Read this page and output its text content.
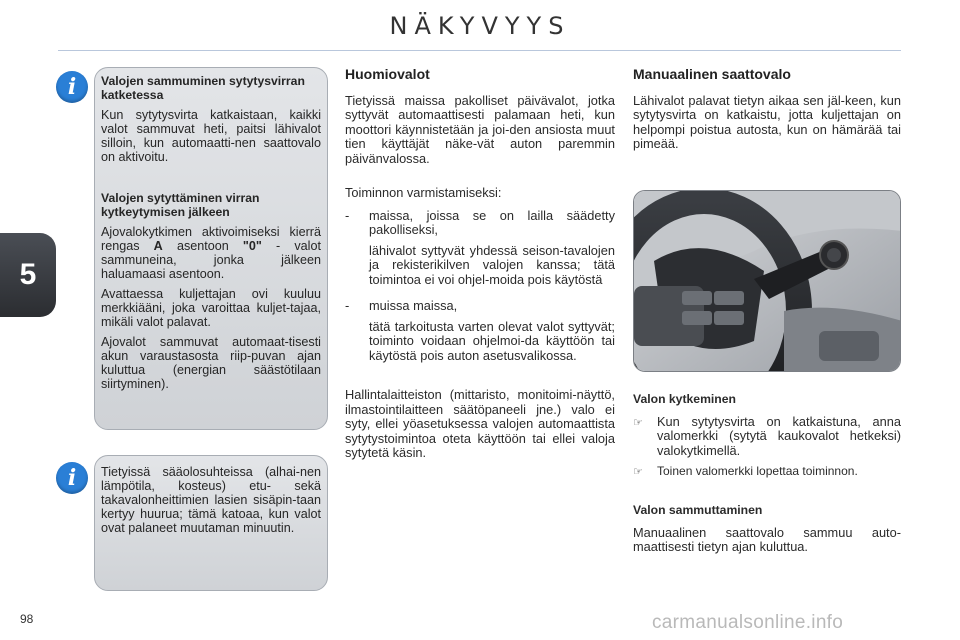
NÄKYVYYS
5
i	Valojen sammuminen sytytysvirran katketessa

Kun sytytysvirta katkaistaan, kaikki valot sammuvat heti, paitsi lähivalot silloin, kun automaatti-nen saattovalo on aktivoitu.

Valojen sytyttäminen virran kytkeytymisen jälkeen

Ajovalokytkimen aktivoimiseksi kierrä rengas A asentoon "0" - valot sammuneina, jonka jälkeen haluamaasi asentoon.

Avattaessa kuljettajan ovi kuuluu merkkiääni, joka varoittaa kuljet-tajaa, mikäli valot palavat.

Ajovalot sammuvat automaat-tisesti akun varaustasosta riip-puvan ajan kuluttua (energian säästötilaan siirtyminen).

i	Tietyissä sääolosuhteissa (alhai-nen lämpötila, kosteus) etu- sekä takavalonheittimien lasien sisäpin-taan kertyy huurua; tämä katoaa, kun valot ovat palaneet muutaman minuutin.

Huomiovalot

Tietyissä maissa pakolliset päivävalot, jotka syttyvät automaattisesti palamaan heti, kun moottori käynnistetään ja joi-den ansiosta muut tien käyttäjät näke-vät auton paremmin päivänvalossa.

Toiminnon varmistamiseksi:

-	maissa, joissa se on lailla säädetty pakolliseksi,

lähivalot syttyvät yhdessä seison-tavalojen ja rekisterikilven valojen kanssa; tätä toimintoa ei voi ohjel-moida pois käytöstä

-	muissa maissa,

tätä tarkoitusta varten olevat valot syttyvät; toiminto voidaan ohjelmoi-da käyttöön tai käytöstä pois auton asetusvalikossa.

Hallintalaitteiston (mittaristo, monitoimi-näyttö, ilmastointilaitteen säätöpaneeli jne.) valo ei syty, ellei yöasetuksessa valojen automaattista sytytystoimintoa oteta käyttöön tai ellei valoja sytytetä käsin.

Manuaalinen saattovalo

Lähivalot palavat tietyn aikaa sen jäl-keen, kun sytytysvirta on katkaistu, jotta kuljettajan on helpompi poistua autosta, kun on hämärää tai pimeää.

Valon kytkeminen
☞	Kun sytytysvirta on katkaistuna, anna valomerkki (sytytä kaukovalot hetkeksi) valokytkimellä.
☞	Toinen valomerkki lopettaa toiminnon.
Valon sammuttaminen

Manuaalinen saattovalo sammuu auto-maattisesti tietyn ajan kuluttua.

98	carmanualsonline.info
